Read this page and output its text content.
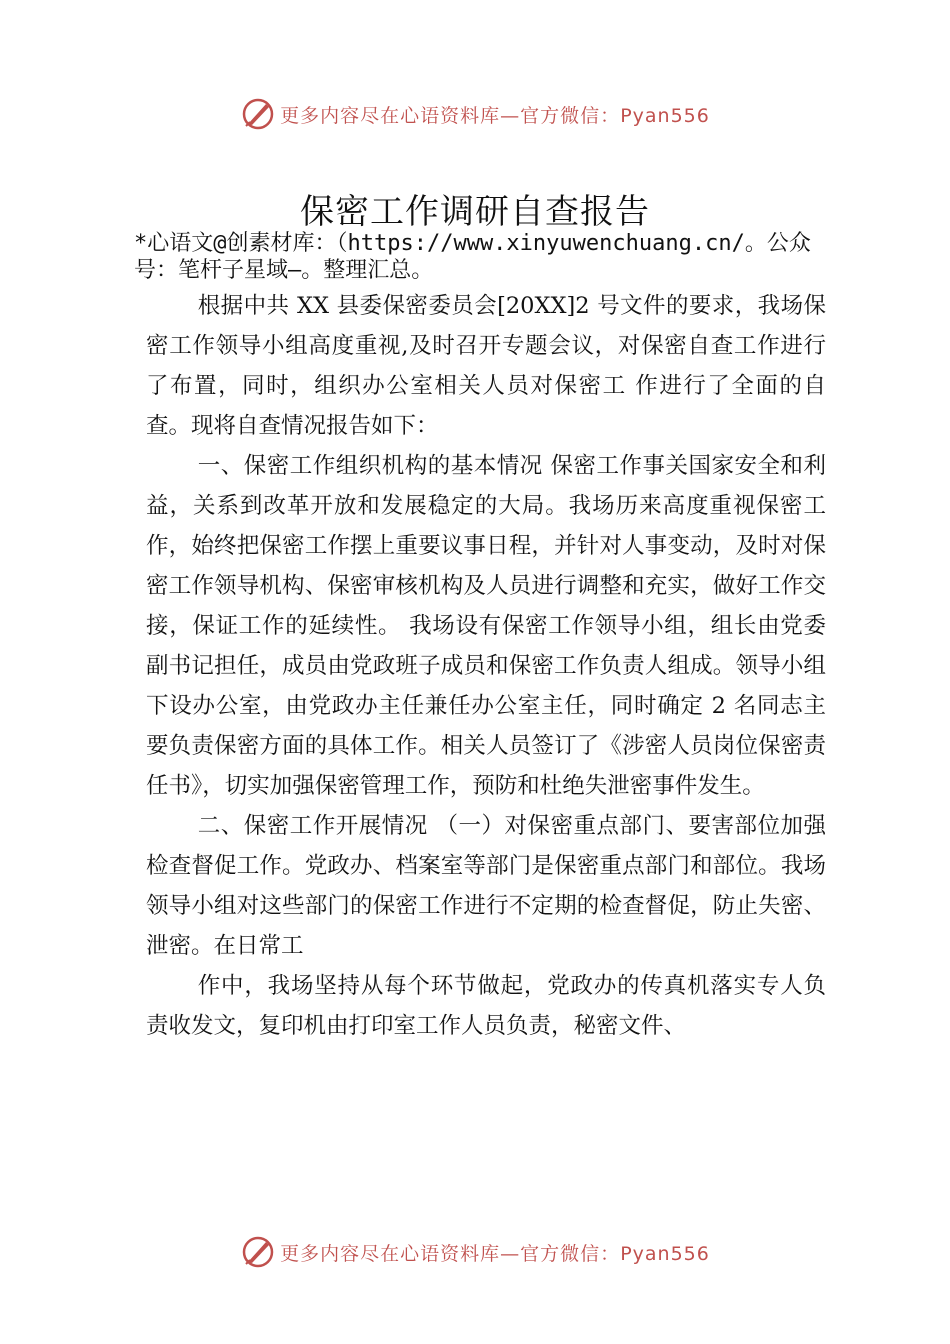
更多内容尽在心语资料库—官方微信：Pyan556
保密工作调研自查报告
*心语文@创素材库：（https://www.xinyuwenchuang.cn/。公众号：笔杆子星域—。整理汇总。

根据中共 XX 县委保密委员会[20XX]2 号文件的要求，我场保密工作领导小组高度重视,及时召开专题会议，对保密自查工作进行了布置，同时，组织办公室相关人员对保密工 作进行了全面的自查。现将自查情况报告如下：

一、保密工作组织机构的基本情况 保密工作事关国家安全和利益，关系到改革开放和发展稳定的大局。我场历来高度重视保密工作，始终把保密工作摆上重要议事日程，并针对人事变动，及时对保密工作领导机构、保密审核机构及人员进行调整和充实，做好工作交接，保证工作的延续性。 我场设有保密工作领导小组，组长由党委副书记担任，成员由党政班子成员和保密工作负责人组成。领导小组下设办公室，由党政办主任兼任办公室主任，同时确定 2 名同志主要负责保密方面的具体工作。相关人员签订了《涉密人员岗位保密责任书》，切实加强保密管理工作，预防和杜绝失泄密事件发生。

二、保密工作开展情况 （一）对保密重点部门、要害部位加强检查督促工作。党政办、档案室等部门是保密重点部门和部位。我场领导小组对这些部门的保密工作进行不定期的检查督促，防止失密、泄密。在日常工

作中，我场坚持从每个环节做起，党政办的传真机落实专人负责收发文，复印机由打印室工作人员负责，秘密文件、

更多内容尽在心语资料库—官方微信：Pyan556
